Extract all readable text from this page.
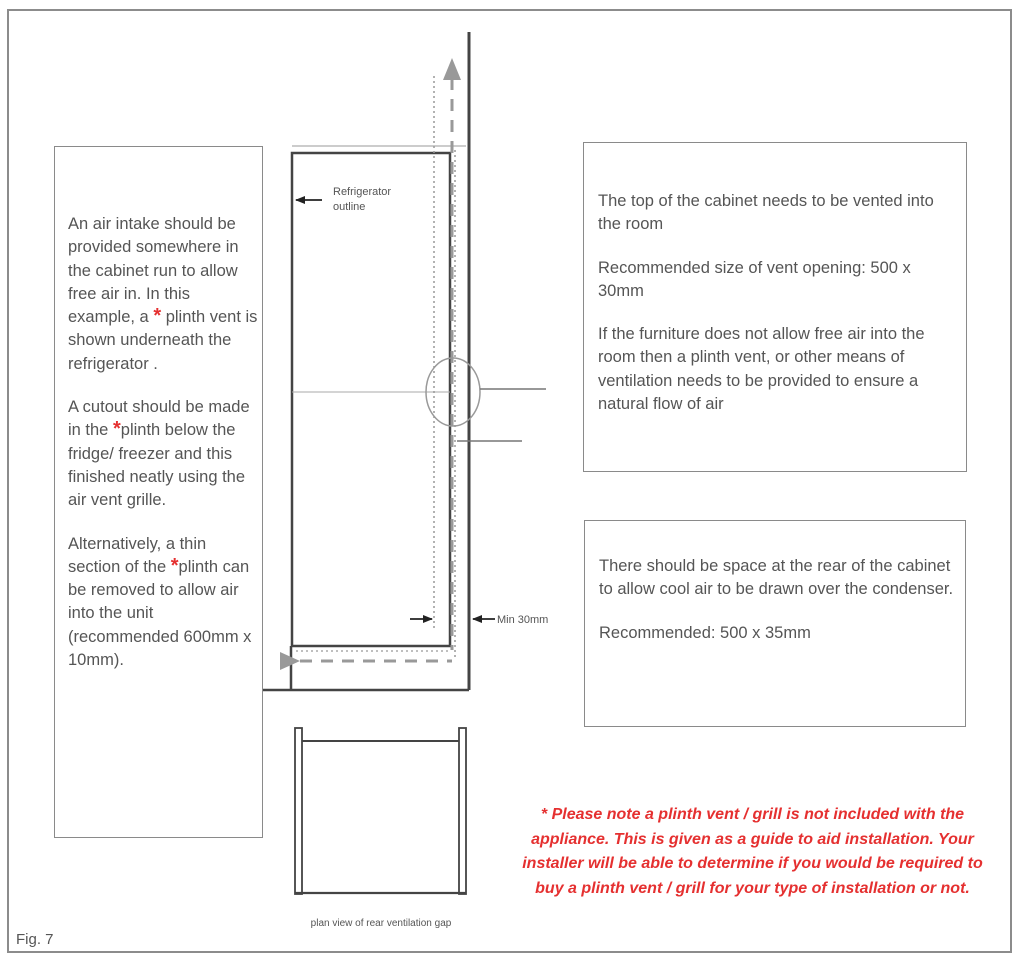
Refrigerator
outline
Min 30mm
plan view of rear ventilation gap

An air intake should be provided somewhere in the cabinet run to allow free air in. In this example, a * plinth vent is shown underneath the refrigerator .

A cutout should be made in the *plinth below the fridge/ freezer and this finished neatly using the air vent grille.

Alternatively, a thin section of the *plinth can be removed to allow air into the unit (recommended 600mm x 10mm).

The top of the cabinet needs to be vented into the room

Recommended size of vent opening: 500 x 30mm

If the furniture does not allow free air into the room then a plinth vent, or other means of ventilation needs to be provided to ensure a natural flow of air

There should be space at the rear of the cabinet to allow cool air to be drawn over the condenser.

Recommended: 500 x 35mm

* Please note a plinth vent / grill is not included with the appliance. This is given as a guide to aid installation. Your installer will be able to determine if you would be required to buy a plinth vent / grill for your type of installation or not.

Fig. 7
